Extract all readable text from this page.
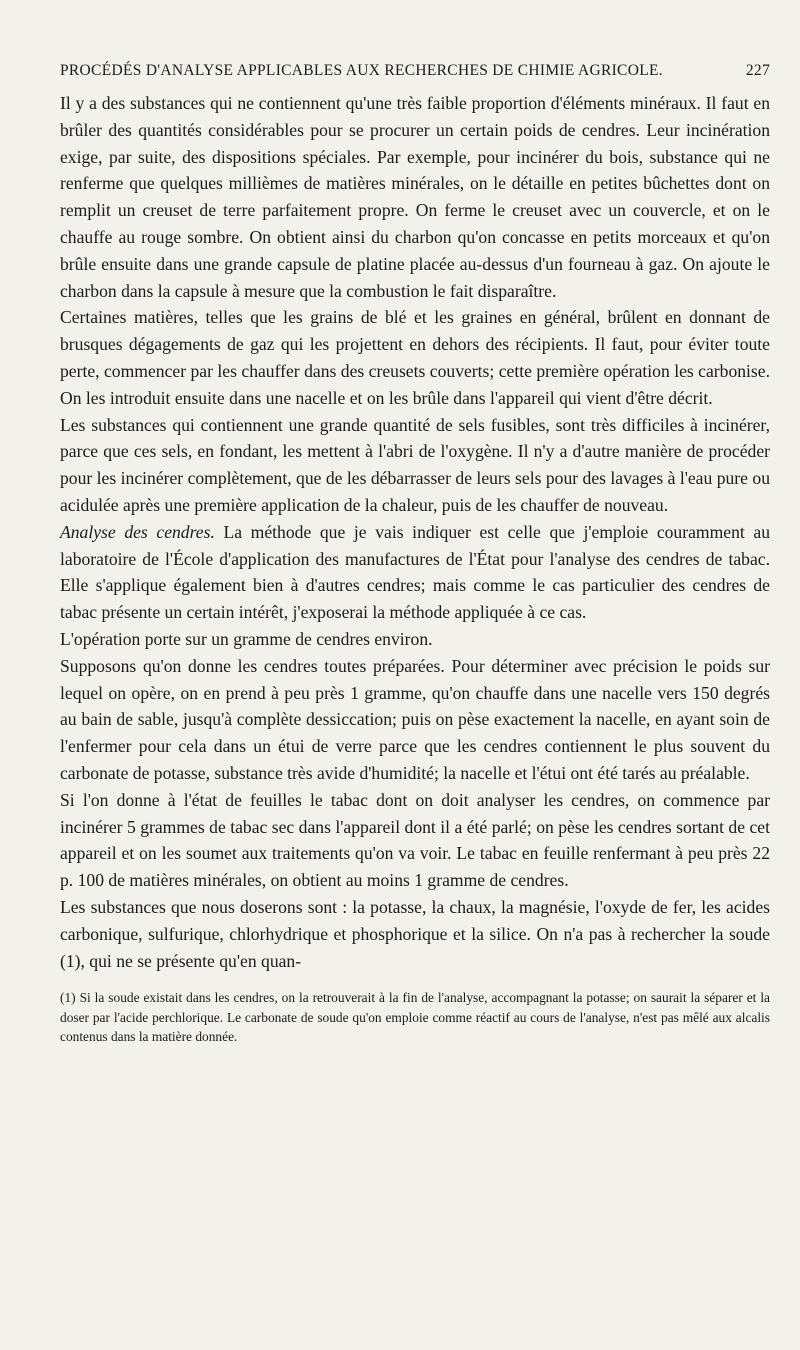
PROCÉDÉS D'ANALYSE APPLICABLES AUX RECHERCHES DE CHIMIE AGRICOLE.	227

Il y a des substances qui ne contiennent qu'une très faible proportion d'éléments minéraux. Il faut en brûler des quantités considérables pour se procurer un certain poids de cendres. Leur incinération exige, par suite, des dispositions spéciales. Par exemple, pour incinérer du bois, substance qui ne renferme que quelques millièmes de matières minérales, on le détaille en petites bûchettes dont on remplit un creuset de terre parfaitement propre. On ferme le creuset avec un couvercle, et on le chauffe au rouge sombre. On obtient ainsi du charbon qu'on concasse en petits morceaux et qu'on brûle ensuite dans une grande capsule de platine placée au-dessus d'un fourneau à gaz. On ajoute le charbon dans la capsule à mesure que la combustion le fait disparaître.

Certaines matières, telles que les grains de blé et les graines en général, brûlent en donnant de brusques dégagements de gaz qui les projettent en dehors des récipients. Il faut, pour éviter toute perte, commencer par les chauffer dans des creusets couverts; cette première opération les carbonise. On les introduit ensuite dans une nacelle et on les brûle dans l'appareil qui vient d'être décrit.

Les substances qui contiennent une grande quantité de sels fusibles, sont très difficiles à incinérer, parce que ces sels, en fondant, les mettent à l'abri de l'oxygène. Il n'y a d'autre manière de procéder pour les incinérer complètement, que de les débarrasser de leurs sels pour des lavages à l'eau pure ou acidulée après une première application de la chaleur, puis de les chauffer de nouveau.

Analyse des cendres. La méthode que je vais indiquer est celle que j'emploie couramment au laboratoire de l'École d'application des manufactures de l'État pour l'analyse des cendres de tabac. Elle s'applique également bien à d'autres cendres; mais comme le cas particulier des cendres de tabac présente un certain intérêt, j'exposerai la méthode appliquée à ce cas.

L'opération porte sur un gramme de cendres environ.

Supposons qu'on donne les cendres toutes préparées. Pour déterminer avec précision le poids sur lequel on opère, on en prend à peu près 1 gramme, qu'on chauffe dans une nacelle vers 150 degrés au bain de sable, jusqu'à complète dessiccation; puis on pèse exactement la nacelle, en ayant soin de l'enfermer pour cela dans un étui de verre parce que les cendres contiennent le plus souvent du carbonate de potasse, substance très avide d'humidité; la nacelle et l'étui ont été tarés au préalable.

Si l'on donne à l'état de feuilles le tabac dont on doit analyser les cendres, on commence par incinérer 5 grammes de tabac sec dans l'appareil dont il a été parlé; on pèse les cendres sortant de cet appareil et on les soumet aux traitements qu'on va voir. Le tabac en feuille renfermant à peu près 22 p. 100 de matières minérales, on obtient au moins 1 gramme de cendres.

Les substances que nous doserons sont : la potasse, la chaux, la magnésie, l'oxyde de fer, les acides carbonique, sulfurique, chlorhydrique et phosphorique et la silice. On n'a pas à rechercher la soude (1), qui ne se présente qu'en quan-

(1) Si la soude existait dans les cendres, on la retrouverait à la fin de l'analyse, accompagnant la potasse; on saurait la séparer et la doser par l'acide perchlorique. Le carbonate de soude qu'on emploie comme réactif au cours de l'analyse, n'est pas mêlé aux alcalis contenus dans la matière donnée.
